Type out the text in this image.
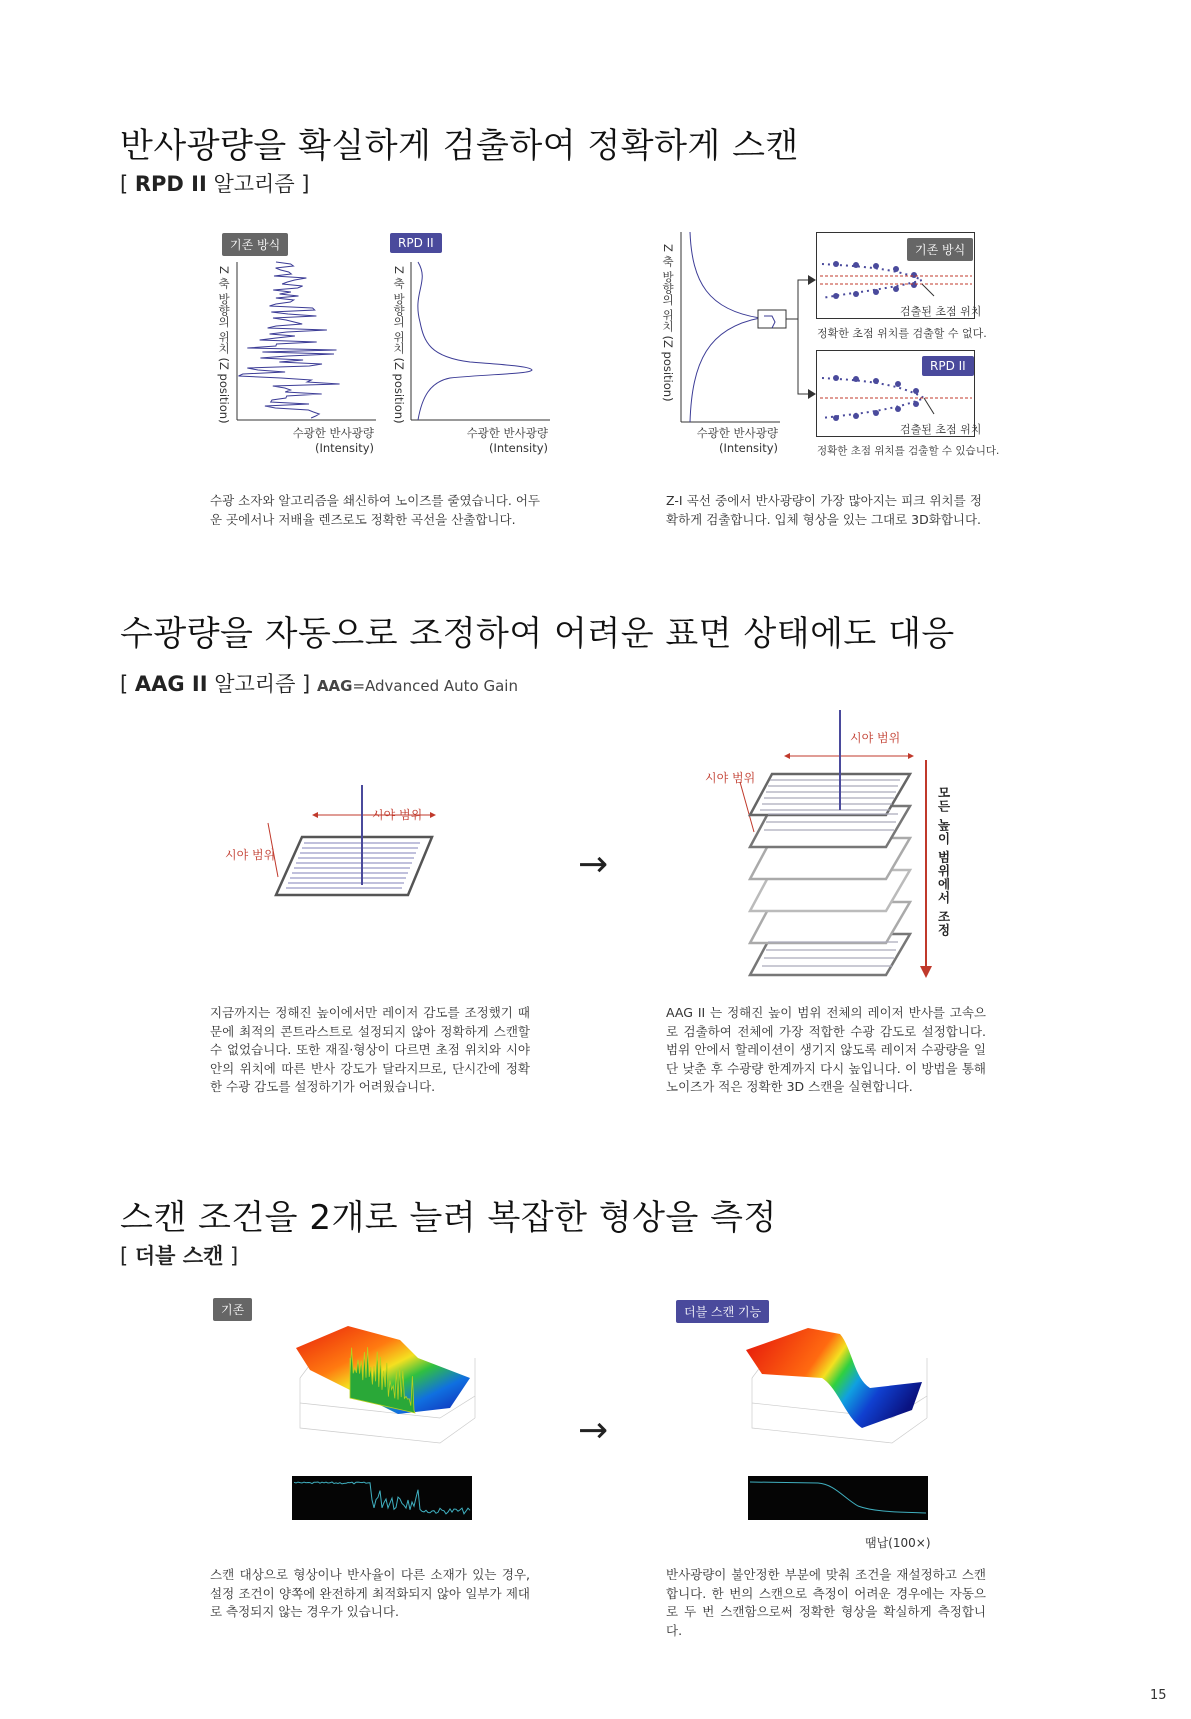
반사광량을 확실하게 검출하여 정확하게 스캔
[ RPD II 알고리즘 ]
기존 방식
Z 축 방향의 위치 (Z position)
수광한 반사광량
(Intensity)
RPD II
Z 축 방향의 위치 (Z position)
수광한 반사광량
(Intensity)
Z 축 방향의 위치 (Z position)
수광한 반사광량
(Intensity)
기존 방식
검출된 초점 위치
정확한 초점 위치를 검출할 수 없다.
RPD II
검출된 초점 위치
정확한 초점 위치를 검출할 수 있습니다.
수광 소자와 알고리즘을 쇄신하여 노이즈를 줄였습니다. 어두운 곳에서나 저배율 렌즈로도 정확한 곡선을 산출합니다.
Z-I 곡선 중에서 반사광량이 가장 많아지는 피크 위치를 정확하게 검출합니다. 입체 형상을 있는 그대로 3D화합니다.
수광량을 자동으로 조정하여 어려운 표면 상태에도 대응
[ AAG II 알고리즘 ] AAG=Advanced Auto Gain
시야 범위
시야 범위	→
시야 범위
시야 범위
모든 높이 범위에서 조정
지금까지는 정해진 높이에서만 레이저 감도를 조정했기 때문에 최적의 콘트라스트로 설정되지 않아 정확하게 스캔할 수 없었습니다. 또한 재질·형상이 다르면 초점 위치와 시야 안의 위치에 따른 반사 강도가 달라지므로, 단시간에 정확한 수광 감도를 설정하기가 어려웠습니다.
AAG II 는 정해진 높이 범위 전체의 레이저 반사를 고속으로 검출하여 전체에 가장 적합한 수광 감도로 설정합니다. 범위 안에서 할레이션이 생기지 않도록 레이저 수광량을 일단 낮춘 후 수광량 한계까지 다시 높입니다. 이 방법을 통해 노이즈가 적은 정확한 3D 스캔을 실현합니다.
스캔 조건을 2개로 늘려 복잡한 형상을 측정
[ 더블 스캔 ]
기존	더블 스캔 기능
→
땜납(100×)
스캔 대상으로 형상이나 반사율이 다른 소재가 있는 경우, 설정 조건이 양쪽에 완전하게 최적화되지 않아 일부가 제대로 측정되지 않는 경우가 있습니다.
반사광량이 불안정한 부분에 맞춰 조건을 재설정하고 스캔합니다. 한 번의 스캔으로 측정이 어려운 경우에는 자동으로 두 번 스캔함으로써 정확한 형상을 확실하게 측정합니다.
15
